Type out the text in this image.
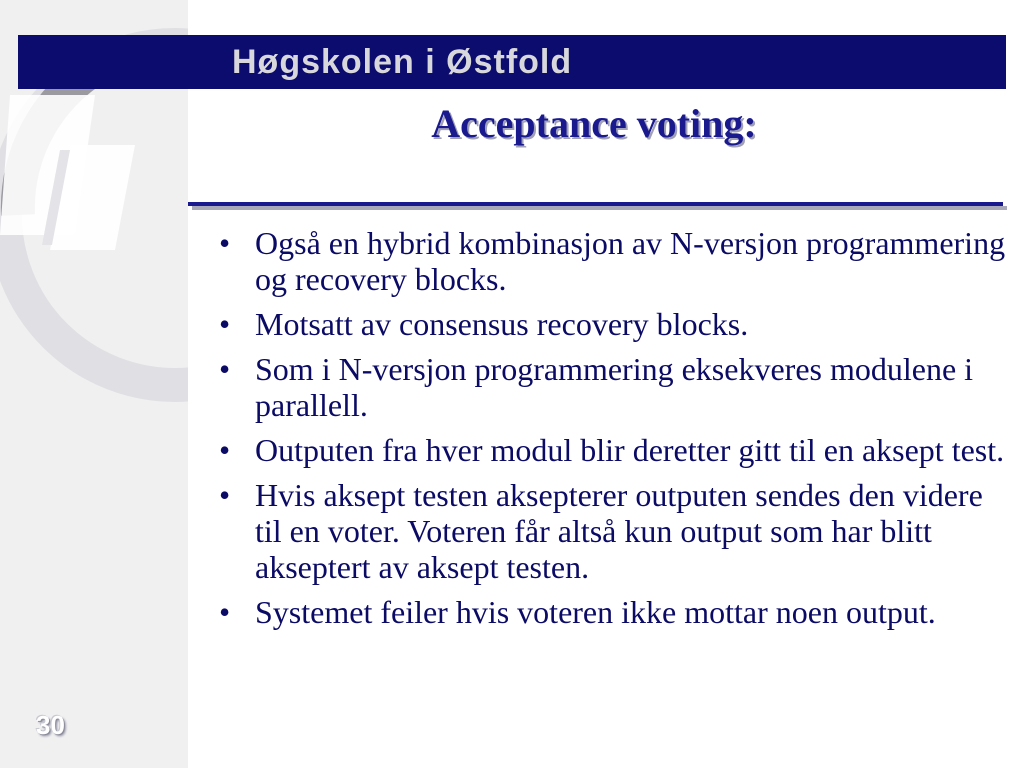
Høgskolen i Østfold
Acceptance voting:
• Også en hybrid kombinasjon av N-versjon programmering og recovery blocks.
• Motsatt av consensus recovery blocks.
• Som i N-versjon programmering eksekveres modulene i parallell.
• Outputen fra hver modul blir deretter gitt til en aksept test.
• Hvis aksept testen aksepterer outputen sendes den videre til en voter. Voteren får altså kun output som har blitt akseptert av aksept testen.
• Systemet feiler hvis voteren ikke mottar noen output.
30
